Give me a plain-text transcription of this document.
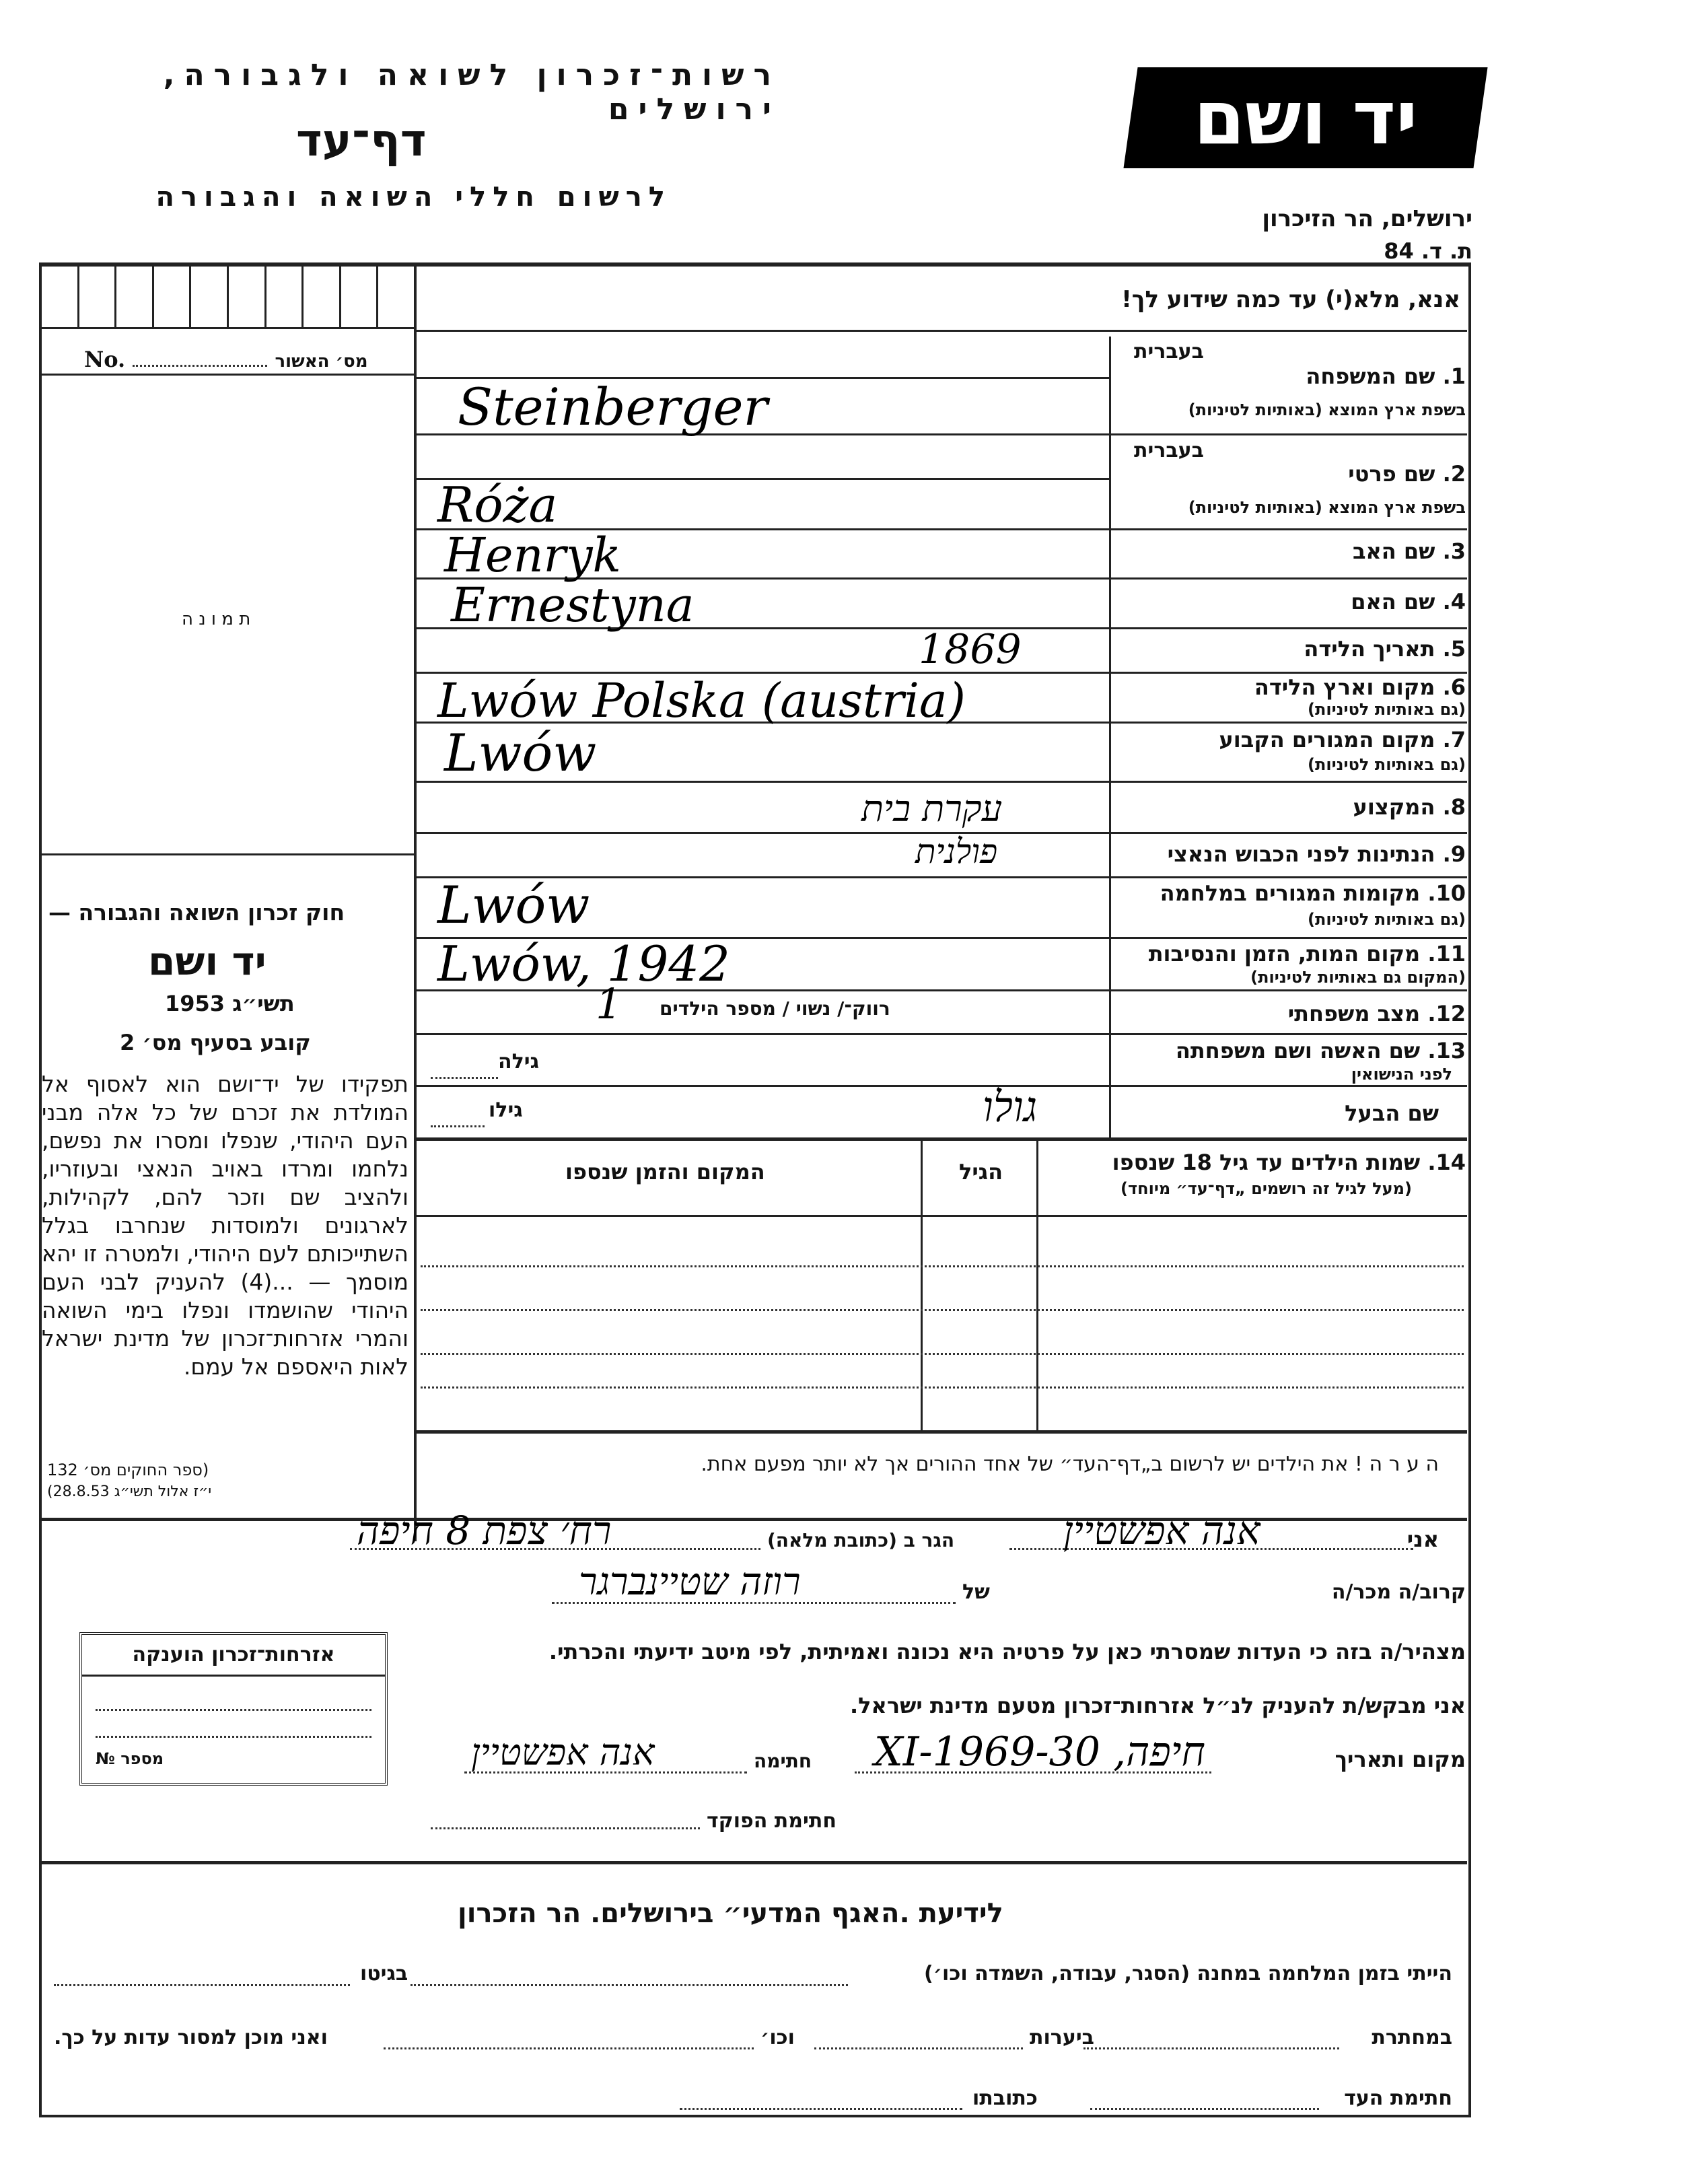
רשות־זכרון לשואה ולגבורה, ירושלים
דף־עד
לרשום חללי השואה והגבורה
יד ושם
ירושלים, הר הזיכרון
ת. ד. 84
אנא, מלא(י) עד כמה שידוע לך!
No.	מס׳ האשור
ת מ ו נ ה
חוק זכרון השואה והגבורה —
יד ושם
תשי״ג 1953
קובע בסעיף מס׳ 2
תפקידו של יד־ושם הוא לאסוף אל המולדת את זכרם של כל אלה מבני העם היהודי, שנפלו ומסרו את נפשם, נלחמו ומרדו באויב הנאצי ובעוזריו, ולהציב שם וזכר להם, לקהילות, לארגונים ולמוסדות שנחרבו בגלל השתייכותם לעם היהודי, ולמטרה זו יהא מוסמך — ...(4) להעניק לבני העם היהודי שהושמדו ונפלו בימי השואה והמרי אזרחות־זכרון של מדינת ישראל לאות היאספם אל עמם.
(ספר החוקים מס׳ 132
י״ז אלול תשי״ג 28.8.53)
אזרחות־זכרון הוענקה
№ מספר
בעברית
1. שם המשפחה
בשפת ארץ המוצא (באותיות לטיניות)
בעברית
2. שם פרטי
בשפת ארץ המוצא (באותיות לטיניות)
3. שם האב
4. שם האם
5. תאריך הלידה
6. מקום וארץ הלידה
(גם באותיות לטיניות)
7. מקום המגורים הקבוע
(גם באותיות לטיניות)
8. המקצוע
9. הנתינות לפני הכבוש הנאצי
10. מקומות המגורים במלחמה
(גם באותיות לטיניות)
11. מקום המות, הזמן והנסיבות
(המקום גם באותיות לטיניות)
12. מצב משפחתי
13. שם האשה ושם משפחתה
לפני הנישואין
שם הבעל
Steinberger
Róża
Henryk
Ernestyna
1869
Lwów Polska (austria)
Lwów
עקרת בית
פולנית
Lwów
Lwów, 1942
רווק־/ נשוי / מספר הילדים
1
גילה
גילו	גולו
14. שמות הילדים עד גיל 18 שנספו
(מעל לגיל זה רושמים „דף־עד״ מיוחד)
הגיל
המקום והזמן שנספו
ה ע ר ה ! את הילדים יש לרשום ב„דף־העד״ של אחד ההורים אך לא יותר מפעם אחת.
אני
אנה אפשטיין
הגר ב (כתובת מלאה)
רח׳ צפת 8 חיפה
קרוב/ה מכר/ה
של
רוזה שטיינברגר
מצהיר/ה בזה כי העדות שמסרתי כאן על פרטיה היא נכונה ואמיתית, לפי מיטב ידיעתי והכרתי.
אני מבקש/ת להעניק לנ״ל אזרחות־זכרון מטעם מדינת ישראל.
מקום ותאריך
חיפה, 30-XI-1969
חתימה
אנה אפשטיין
חתימת הפוקד
לידיעת .האגף המדעי״ בירושלים. הר הזכרון
הייתי בזמן המלחמה במחנה (הסגר, עבודה, השמדה וכו׳)
בגיטו
במחתרת
ביערות
וכו׳
ואני מוכן למסור עדות על כך.
חתימת העד
כתובתו
